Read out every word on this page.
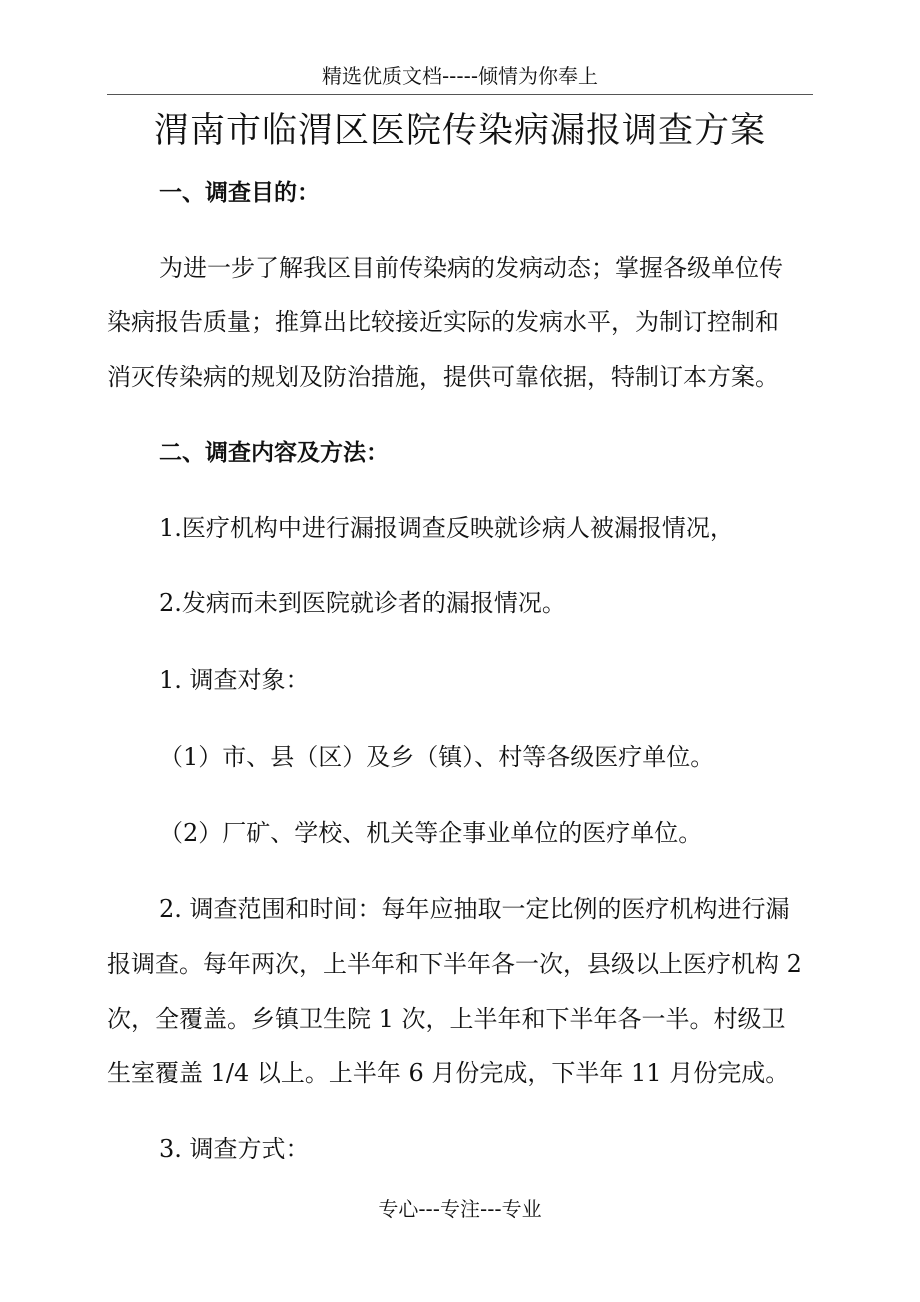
精选优质文档-----倾情为你奉上
渭南市临渭区医院传染病漏报调查方案
一、调查目的：
为进一步了解我区目前传染病的发病动态；掌握各级单位传
染病报告质量；推算出比较接近实际的发病水平，为制订控制和
消灭传染病的规划及防治措施，提供可靠依据，特制订本方案。
二、调查内容及方法：
1.医疗机构中进行漏报调查反映就诊病人被漏报情况，
2.发病而未到医院就诊者的漏报情况。
1. 调查对象：
（1）市、县（区）及乡（镇）、村等各级医疗单位。
（2）厂矿、学校、机关等企事业单位的医疗单位。
2. 调查范围和时间：每年应抽取一定比例的医疗机构进行漏
报调查。每年两次，上半年和下半年各一次，县级以上医疗机构 2
次，全覆盖。乡镇卫生院 1 次，上半年和下半年各一半。村级卫
生室覆盖 1/4 以上。上半年 6 月份完成，下半年 11 月份完成。
3. 调查方式：
专心---专注---专业
